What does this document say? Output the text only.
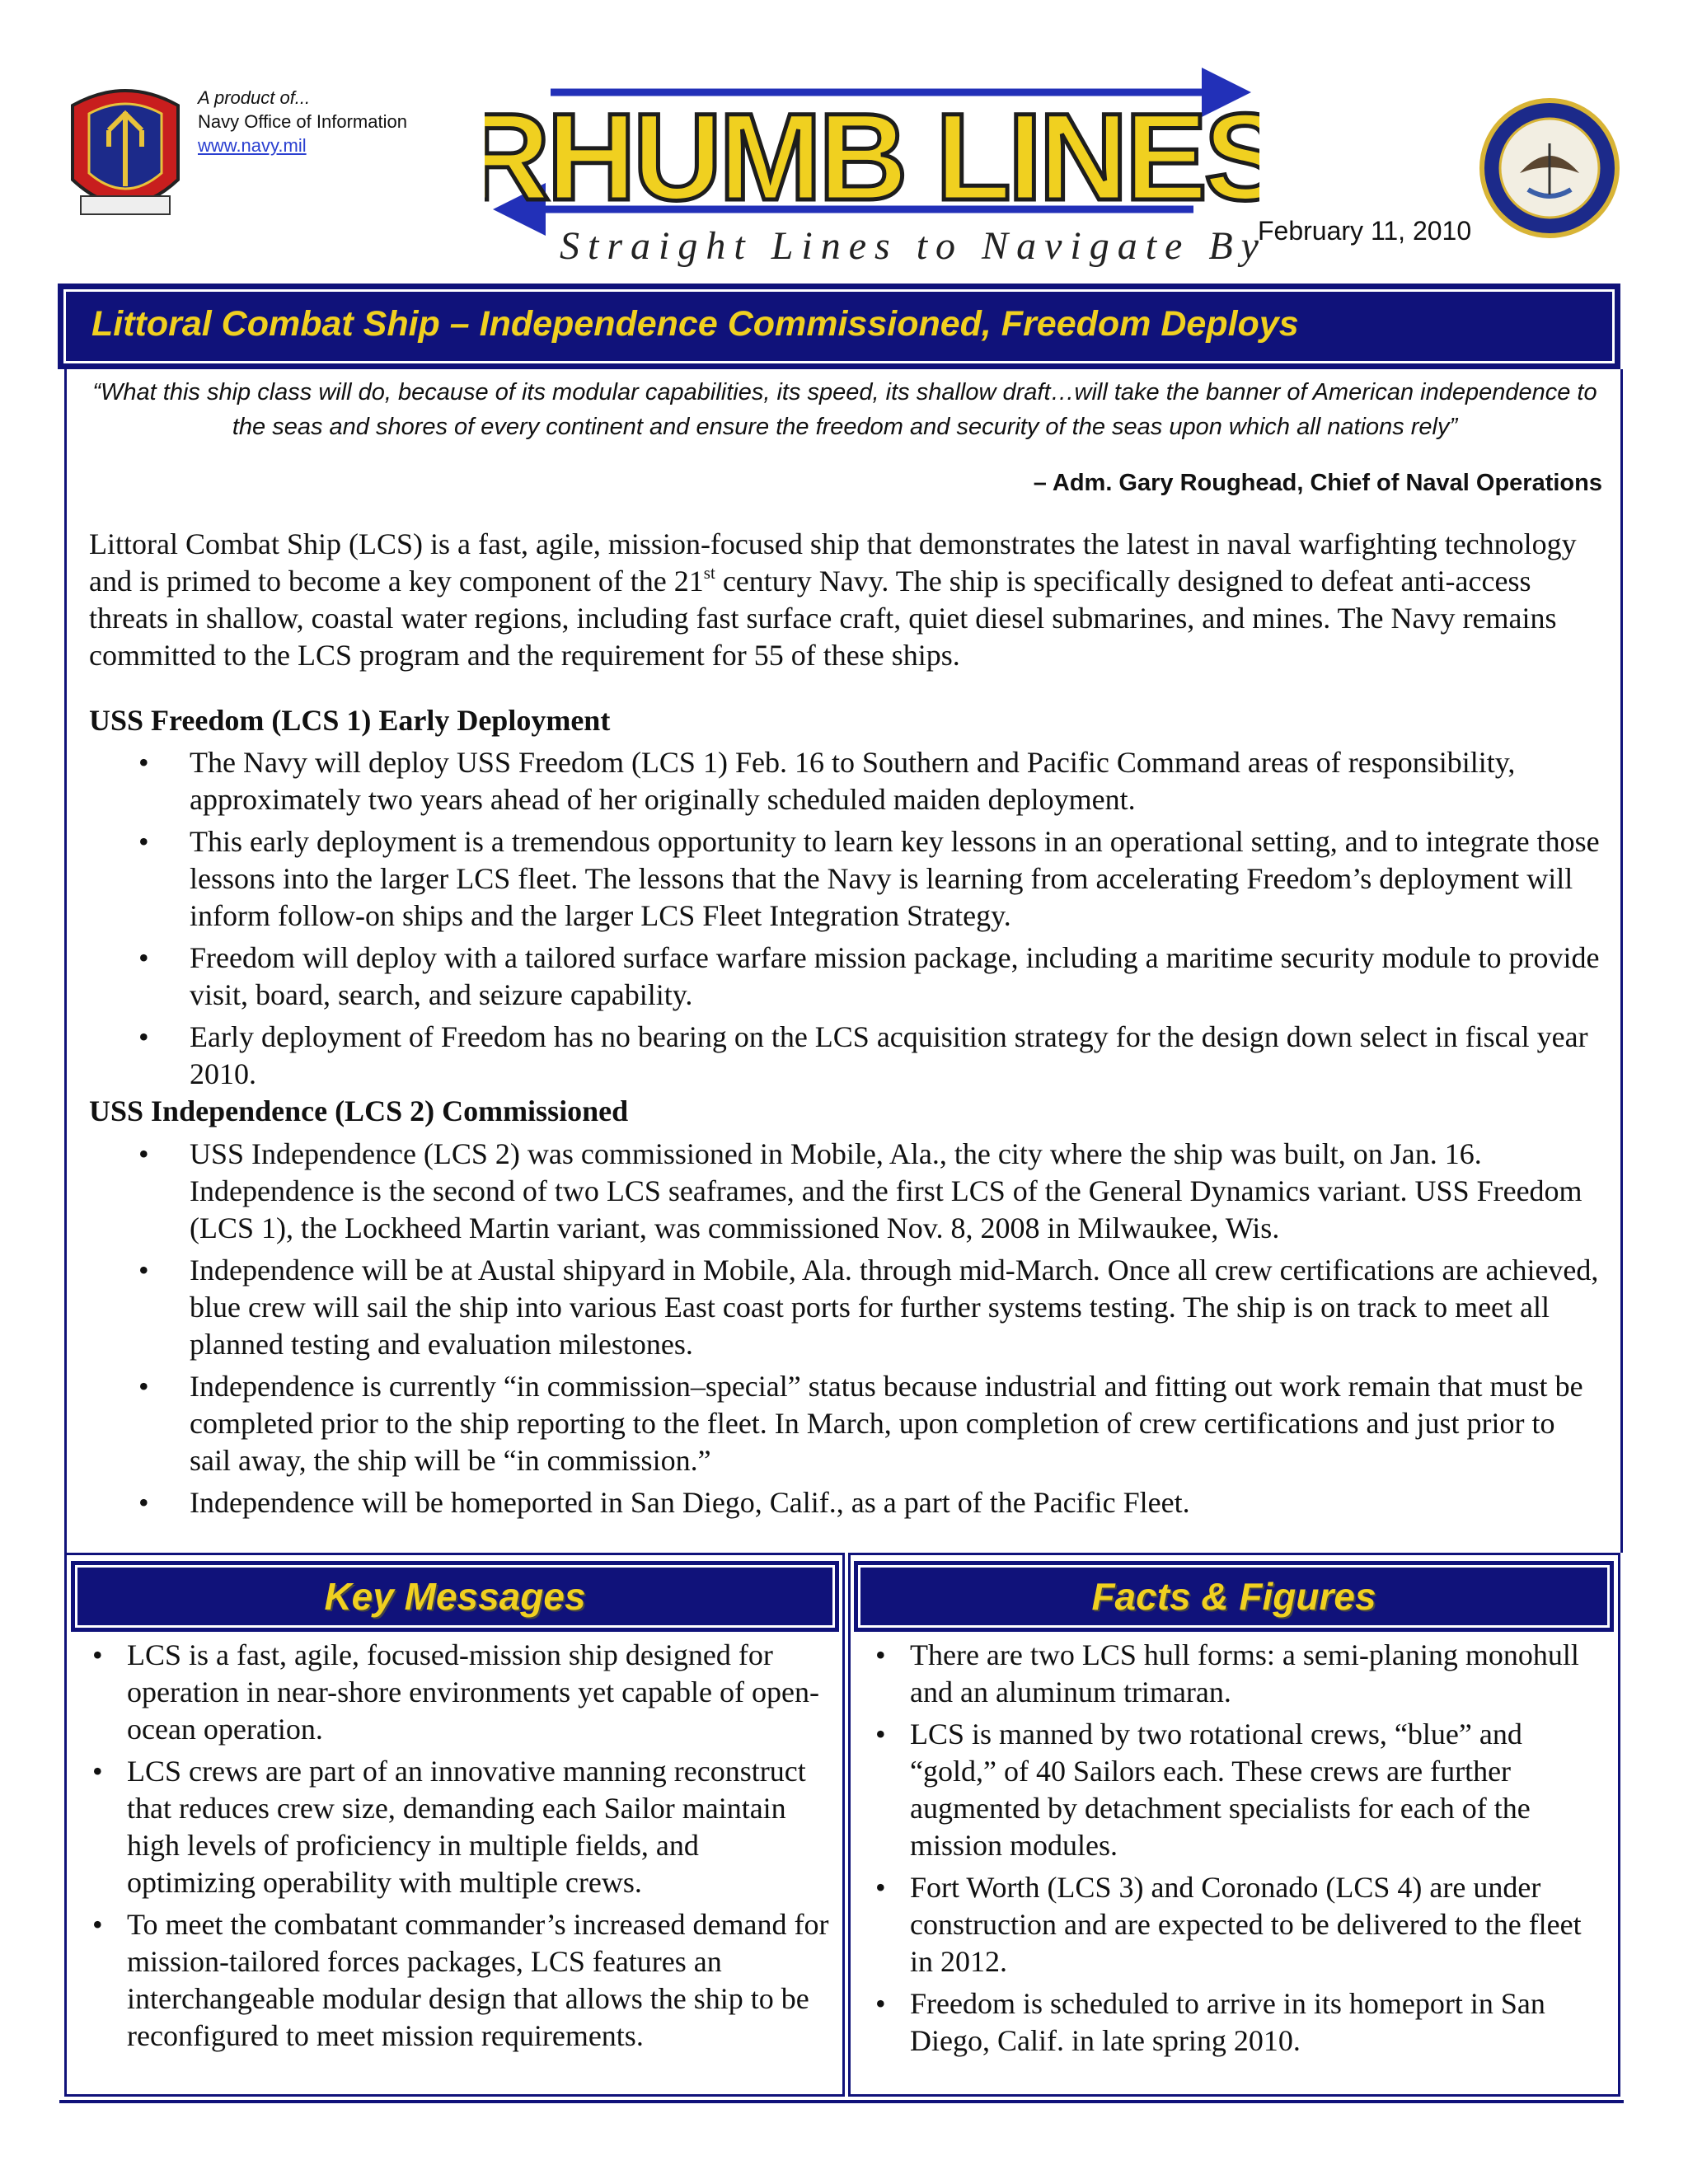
A product of...
Navy Office of Information
www.navy.mil	RHUMB LINES
Straight Lines to Navigate By
February 11, 2010
Littoral Combat Ship – Independence Commissioned, Freedom Deploys
“What this ship class will do, because of its modular capabilities, its speed, its shallow draft…will take the banner of American independence to the seas and shores of every continent and ensure the freedom and security of the seas upon which all nations rely”
– Adm. Gary Roughead, Chief of Naval Operations
Littoral Combat Ship (LCS) is a fast, agile, mission-focused ship that demonstrates the latest in naval warfighting technology and is primed to become a key component of the 21st century Navy. The ship is specifically designed to defeat anti-access threats in shallow, coastal water regions, including fast surface craft, quiet diesel submarines, and mines. The Navy remains committed to the LCS program and the requirement for 55 of these ships.
USS Freedom (LCS 1) Early Deployment
• The Navy will deploy USS Freedom (LCS 1) Feb. 16 to Southern and Pacific Command areas of responsibility, approximately two years ahead of her originally scheduled maiden deployment.
• This early deployment is a tremendous opportunity to learn key lessons in an operational setting, and to integrate those lessons into the larger LCS fleet. The lessons that the Navy is learning from accelerating Freedom’s deployment will inform follow-on ships and the larger LCS Fleet Integration Strategy.
• Freedom will deploy with a tailored surface warfare mission package, including a maritime security module to provide visit, board, search, and seizure capability.
• Early deployment of Freedom has no bearing on the LCS acquisition strategy for the design down select in fiscal year 2010.
USS Independence (LCS 2) Commissioned
• USS Independence (LCS 2) was commissioned in Mobile, Ala., the city where the ship was built, on Jan. 16. Independence is the second of two LCS seaframes, and the first LCS of the General Dynamics variant. USS Freedom (LCS 1), the Lockheed Martin variant, was commissioned Nov. 8, 2008 in Milwaukee, Wis.
• Independence will be at Austal shipyard in Mobile, Ala. through mid-March. Once all crew certifications are achieved, blue crew will sail the ship into various East coast ports for further systems testing. The ship is on track to meet all planned testing and evaluation milestones.
• Independence is currently “in commission–special” status because industrial and fitting out work remain that must be completed prior to the ship reporting to the fleet. In March, upon completion of crew certifications and just prior to sail away, the ship will be “in commission.”
• Independence will be homeported in San Diego, Calif., as a part of the Pacific Fleet.
Key Messages	Facts & Figures
• LCS is a fast, agile, focused-mission ship designed for operation in near-shore environments yet capable of open-ocean operation.
• LCS crews are part of an innovative manning reconstruct that reduces crew size, demanding each Sailor maintain high levels of proficiency in multiple fields, and optimizing operability with multiple crews.
• To meet the combatant commander’s increased demand for mission-tailored forces packages, LCS features an interchangeable modular design that allows the ship to be reconfigured to meet mission requirements.
• There are two LCS hull forms: a semi-planing monohull and an aluminum trimaran.
• LCS is manned by two rotational crews, “blue” and “gold,” of 40 Sailors each. These crews are further augmented by detachment specialists for each of the mission modules.
• Fort Worth (LCS 3) and Coronado (LCS 4) are under construction and are expected to be delivered to the fleet in 2012.
• Freedom is scheduled to arrive in its homeport in San Diego, Calif. in late spring 2010.
